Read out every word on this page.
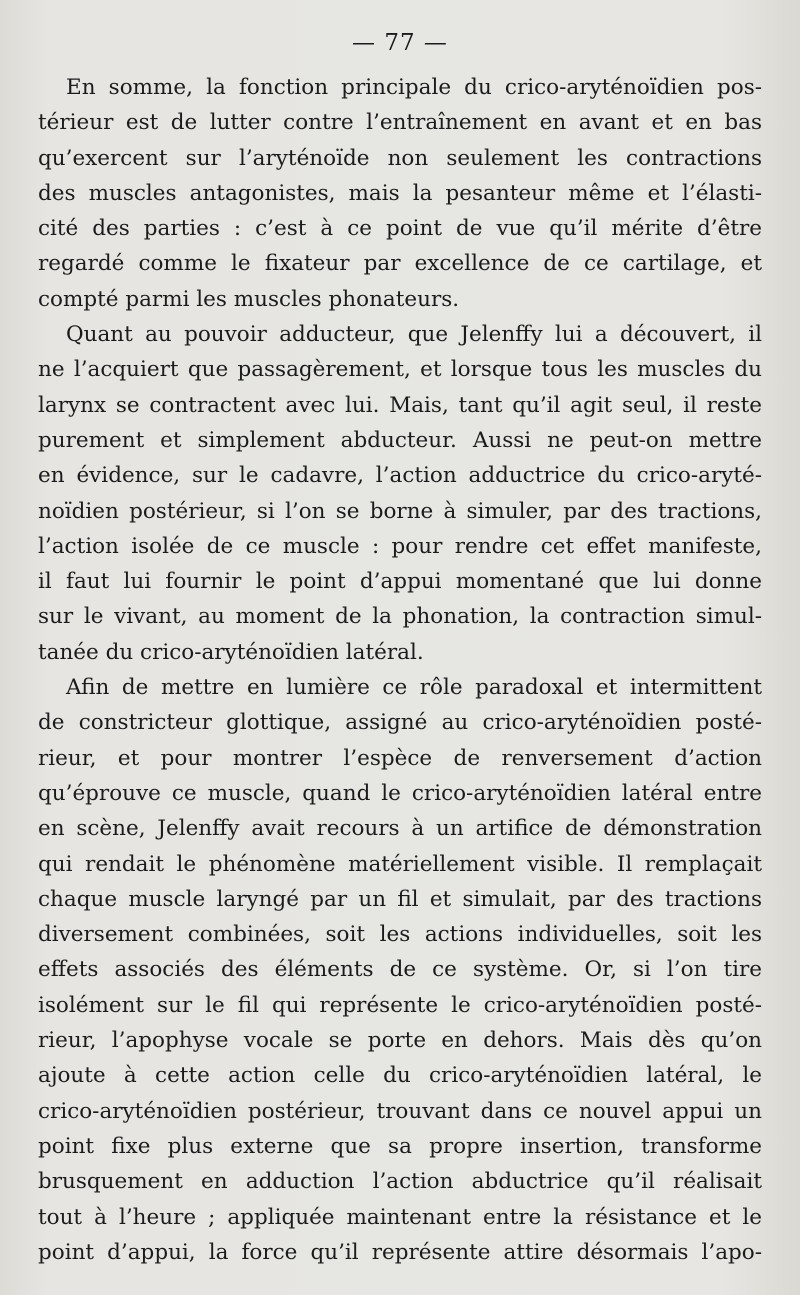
— 77 —
En somme, la fonction principale du crico-aryténoïdien pos-
térieur est de lutter contre l’entraînement en avant et en bas
qu’exercent sur l’aryténoïde non seulement les contractions
des muscles antagonistes, mais la pesanteur même et l’élasti-
cité des parties : c’est à ce point de vue qu’il mérite d’être
regardé comme le fixateur par excellence de ce cartilage, et
compté parmi les muscles phonateurs.
Quant au pouvoir adducteur, que Jelenffy lui a découvert, il
ne l’acquiert que passagèrement, et lorsque tous les muscles du
larynx se contractent avec lui. Mais, tant qu’il agit seul, il reste
purement et simplement abducteur. Aussi ne peut-on mettre
en évidence, sur le cadavre, l’action adductrice du crico-aryté-
noïdien postérieur, si l’on se borne à simuler, par des tractions,
l’action isolée de ce muscle : pour rendre cet effet manifeste,
il faut lui fournir le point d’appui momentané que lui donne
sur le vivant, au moment de la phonation, la contraction simul-
tanée du crico-aryténoïdien latéral.
Afin de mettre en lumière ce rôle paradoxal et intermittent
de constricteur glottique, assigné au crico-aryténoïdien posté-
rieur, et pour montrer l’espèce de renversement d’action
qu’éprouve ce muscle, quand le crico-aryténoïdien latéral entre
en scène, Jelenffy avait recours à un artifice de démonstration
qui rendait le phénomène matériellement visible. Il remplaçait
chaque muscle laryngé par un fil et simulait, par des tractions
diversement combinées, soit les actions individuelles, soit les
effets associés des éléments de ce système. Or, si l’on tire
isolément sur le fil qui représente le crico-aryténoïdien posté-
rieur, l’apophyse vocale se porte en dehors. Mais dès qu’on
ajoute à cette action celle du crico-aryténoïdien latéral, le
crico-aryténoïdien postérieur, trouvant dans ce nouvel appui un
point fixe plus externe que sa propre insertion, transforme
brusquement en adduction l’action abductrice qu’il réalisait
tout à l’heure ; appliquée maintenant entre la résistance et le
point d’appui, la force qu’il représente attire désormais l’apo-
